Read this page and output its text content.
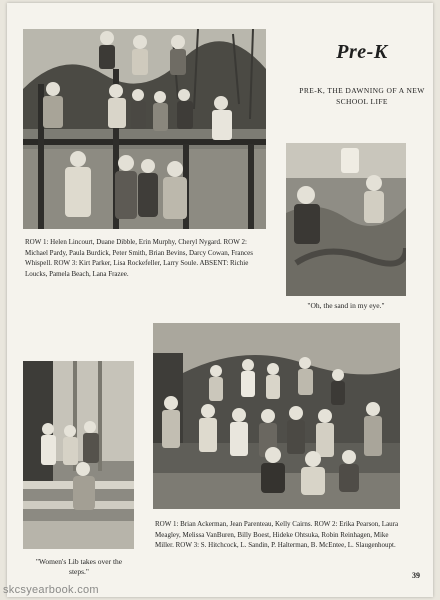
Pre-K
PRE-K, THE DAWNING OF A NEW SCHOOL LIFE
ROW 1: Helen Lincourt, Duane Dibble, Erin Murphy, Cheryl Nygard. ROW 2: Michael Pardy, Paula Burdick, Peter Smith, Brian Bevins, Darcy Cowan, Frances Whispell. ROW 3: Kirt Parker, Lisa Rockefeller, Larry Soule. ABSENT: Richie Loucks, Pamela Beach, Lana Frazee.
"Oh, the sand in my eye."
"Women's Lib takes over the steps."
ROW 1: Brian Ackerman, Jean Parenteau, Kelly Cairns. ROW 2: Erika Pearson, Laura Meagley, Melissa VanBuren, Billy Boest, Hideke Ohtsuka, Robin Reinhagen, Mike Miller. ROW 3: S. Hitchcock, L. Sandin, P. Halterman, B. McEntee, L. Slaugenhoupt.
39
skcsyearbook.com
